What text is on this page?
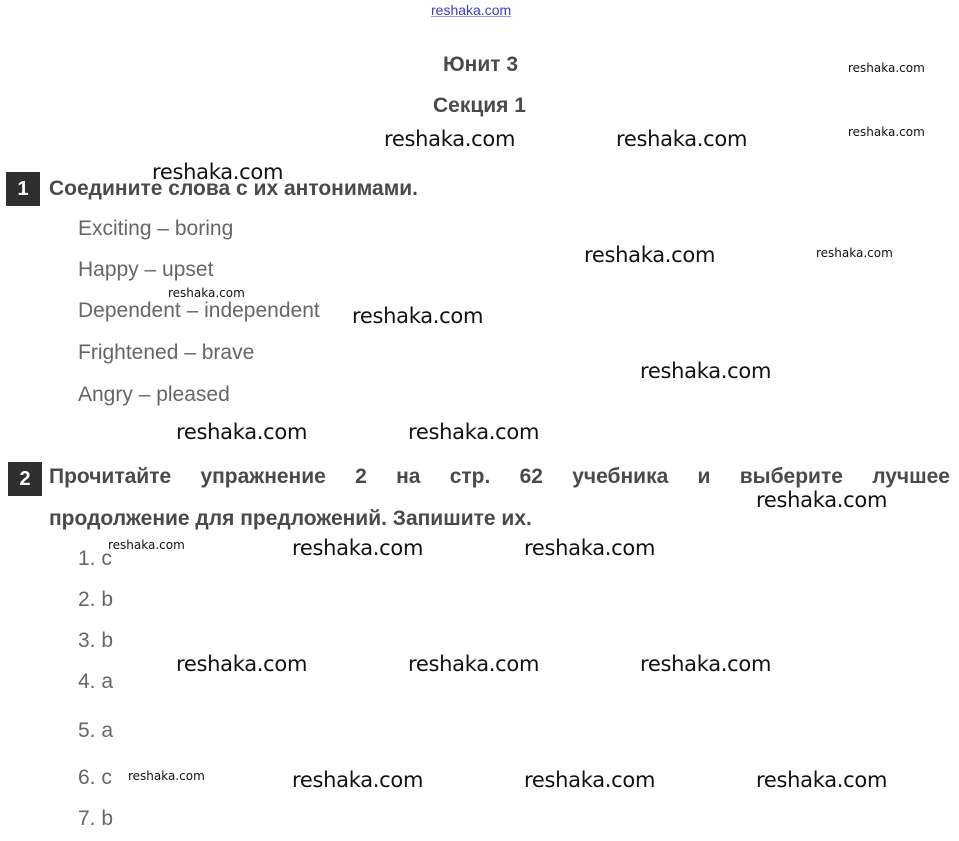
reshaka.com
Юнит 3
Секция 1
1 Соедините слова с их антонимами.
Exciting – boring
Happy – upset
Dependent – independent
Frightened – brave
Angry – pleased
2 Прочитайте упражнение 2 на стр. 62 учебника и выберите лучшее
продолжение для предложений. Запишите их.
1. c
2. b
3. b
4. a
5. a
6. c
7. b
reshaka.com	reshaka.com
reshaka.com
reshaka.com
reshaka.com
reshaka.com
reshaka.com	reshaka.com
reshaka.com
reshaka.com	reshaka.com
reshaka.com	reshaka.com	reshaka.com
reshaka.com	reshaka.com	reshaka.com
reshaka.com
reshaka.com
reshaka.com
reshaka.com
reshaka.com
reshaka.com
